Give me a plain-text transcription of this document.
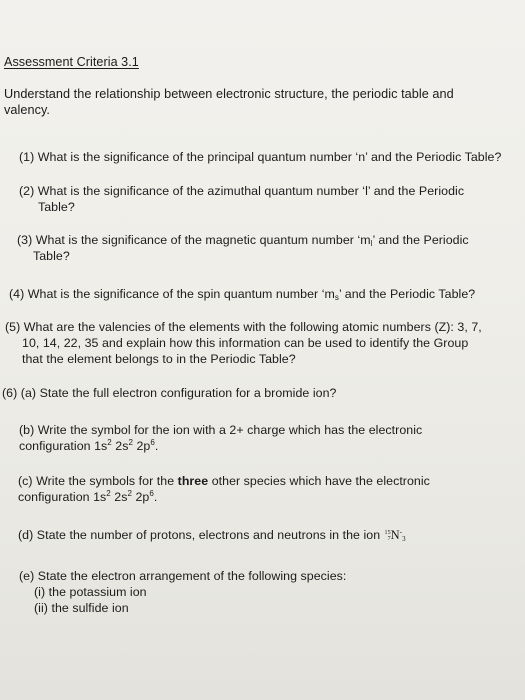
Assessment Criteria 3.1
Understand the relationship between electronic structure, the periodic table and
valency.
(1) What is the significance of the principal quantum number ‘n’ and the Periodic Table?
(2) What is the significance of the azimuthal quantum number ‘l’ and the Periodic
Table?
(3) What is the significance of the magnetic quantum number ‘$m_l$’ and the Periodic
Table?
(4) What is the significance of the spin quantum number ‘$m_s$’ and the Periodic Table?
(5) What are the valencies of the elements with the following atomic numbers (Z): 3, 7,
10, 14, 22, 35 and explain how this information can be used to identify the Group
that the element belongs to in the Periodic Table?
(6) (a) State the full electron configuration for a bromide ion?
(b) Write the symbol for the ion with a 2+ charge which has the electronic
configuration $1s^2$ $2s^2$ $2p^6$.
(c) Write the symbols for the three other species which have the electronic
configuration $1s^2$ $2s^2$ $2p^6$.
(d) State the number of protons, electrons and neutrons in the ion 15
7 N-3
(e) State the electron arrangement of the following species:
(i) the potassium ion
(ii) the sulfide ion
